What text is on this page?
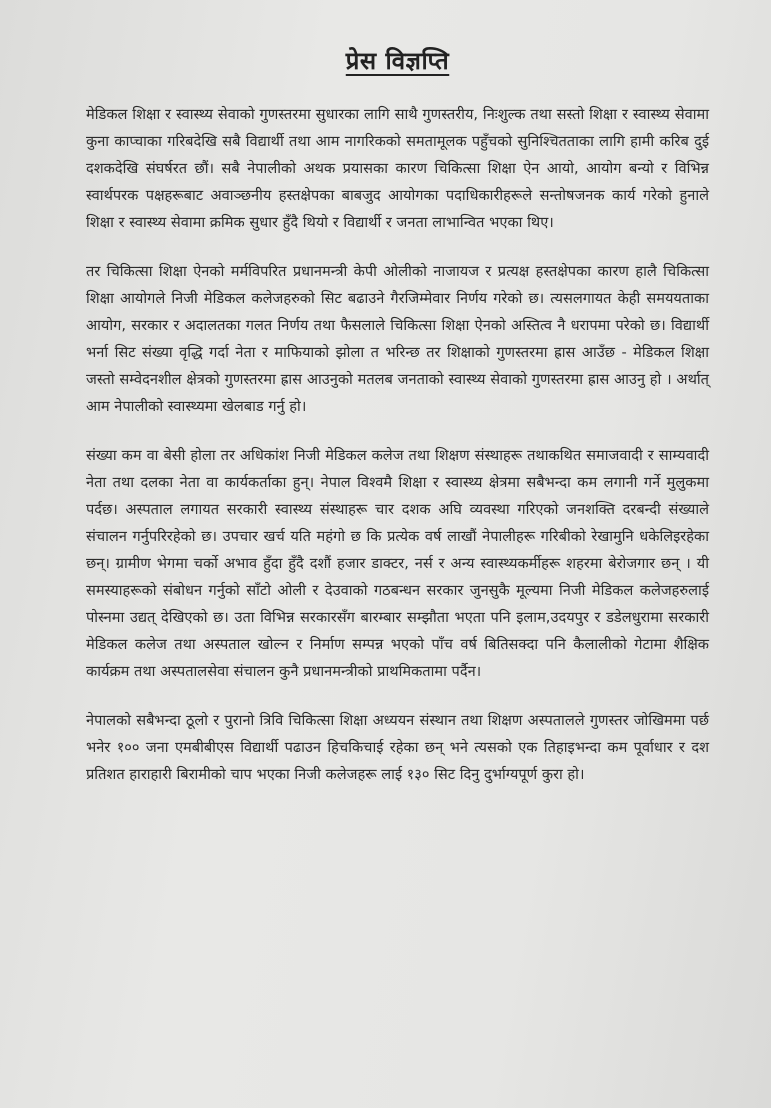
प्रेस विज्ञप्ति

मेडिकल शिक्षा र स्वास्थ्य सेवाको गुणस्तरमा सुधारका लागि साथै गुणस्तरीय, निःशुल्क तथा सस्तो शिक्षा र स्वास्थ्य सेवामा कुना काप्चाका गरिबदेखि सबै विद्यार्थी तथा आम नागरिकको समतामूलक पहुँचको सुनिश्चितताका लागि हामी करिब दुई दशकदेखि संघर्षरत छौं। सबै नेपालीको अथक प्रयासका कारण चिकित्सा शिक्षा ऐन आयो, आयोग बन्यो र विभिन्न स्वार्थपरक पक्षहरूबाट अवाञ्छनीय हस्तक्षेपका बाबजुद आयोगका पदाधिकारीहरूले सन्तोषजनक कार्य गरेको हुनाले शिक्षा र स्वास्थ्य सेवामा क्रमिक सुधार हुँदै थियो र विद्यार्थी र जनता लाभान्वित भएका थिए।

तर चिकित्सा शिक्षा ऐनको मर्मविपरित प्रधानमन्त्री केपी ओलीको नाजायज र प्रत्यक्ष हस्तक्षेपका कारण हालै चिकित्सा शिक्षा आयोगले निजी मेडिकल कलेजहरुको सिट बढाउने गैरजिम्मेवार निर्णय गरेको छ। त्यसलगायत केही समययताका आयोग, सरकार र अदालतका गलत निर्णय तथा फैसलाले चिकित्सा शिक्षा ऐनको अस्तित्व नै धरापमा परेको छ। विद्यार्थी भर्ना सिट संख्या वृद्धि गर्दा नेता र माफियाको झोला त भरिन्छ तर शिक्षाको गुणस्तरमा ह्रास आउँछ - मेडिकल शिक्षा जस्तो सम्वेदनशील क्षेत्रको गुणस्तरमा ह्रास आउनुको मतलब जनताको स्वास्थ्य सेवाको गुणस्तरमा ह्रास आउनु हो । अर्थात् आम नेपालीको स्वास्थ्यमा खेलबाड गर्नु हो।

संख्या कम वा बेसी होला तर अधिकांश निजी मेडिकल कलेज तथा शिक्षण संस्थाहरू तथाकथित समाजवादी र साम्यवादी नेता तथा दलका नेता वा कार्यकर्ताका हुन्। नेपाल विश्वमै शिक्षा र स्वास्थ्य क्षेत्रमा सबैभन्दा कम लगानी गर्ने मुलुकमा पर्दछ। अस्पताल लगायत सरकारी स्वास्थ्य संस्थाहरू चार दशक अघि व्यवस्था गरिएको जनशक्ति दरबन्दी संख्याले संचालन गर्नुपरिरहेको छ। उपचार खर्च यति महंगो छ कि प्रत्येक वर्ष लाखौं नेपालीहरू गरिबीको रेखामुनि धकेलिइरहेका छन्। ग्रामीण भेगमा चर्को अभाव हुँदा हुँदै दशौं हजार डाक्टर, नर्स र अन्य स्वास्थ्यकर्मीहरू शहरमा बेरोजगार छन् । यी समस्याहरूको संबोधन गर्नुको साँटो ओली र देउवाको गठबन्धन सरकार जुनसुकै मूल्यमा निजी मेडिकल कलेजहरुलाई पोस्नमा उद्यत् देखिएको छ। उता विभिन्न सरकारसँग बारम्बार सम्झौता भएता पनि इलाम,उदयपुर र डडेलधुरामा सरकारी मेडिकल कलेज तथा अस्पताल खोल्न र निर्माण सम्पन्न भएको पाँच वर्ष बितिसक्दा पनि कैलालीको गेटामा शैक्षिक कार्यक्रम तथा अस्पतालसेवा संचालन कुनै प्रधानमन्त्रीको प्राथमिकतामा पर्दैन।

नेपालको सबैभन्दा ठूलो र पुरानो त्रिवि चिकित्सा शिक्षा अध्ययन संस्थान तथा शिक्षण अस्पतालले गुणस्तर जोखिममा पर्छ भनेर १०० जना एमबीबीएस विद्यार्थी पढाउन हिचकिचाई रहेका छन् भने त्यसको एक तिहाइभन्दा कम पूर्वाधार र दश प्रतिशत हाराहारी बिरामीको चाप भएका निजी कलेजहरू लाई १३० सिट दिनु दुर्भाग्यपूर्ण कुरा हो।
